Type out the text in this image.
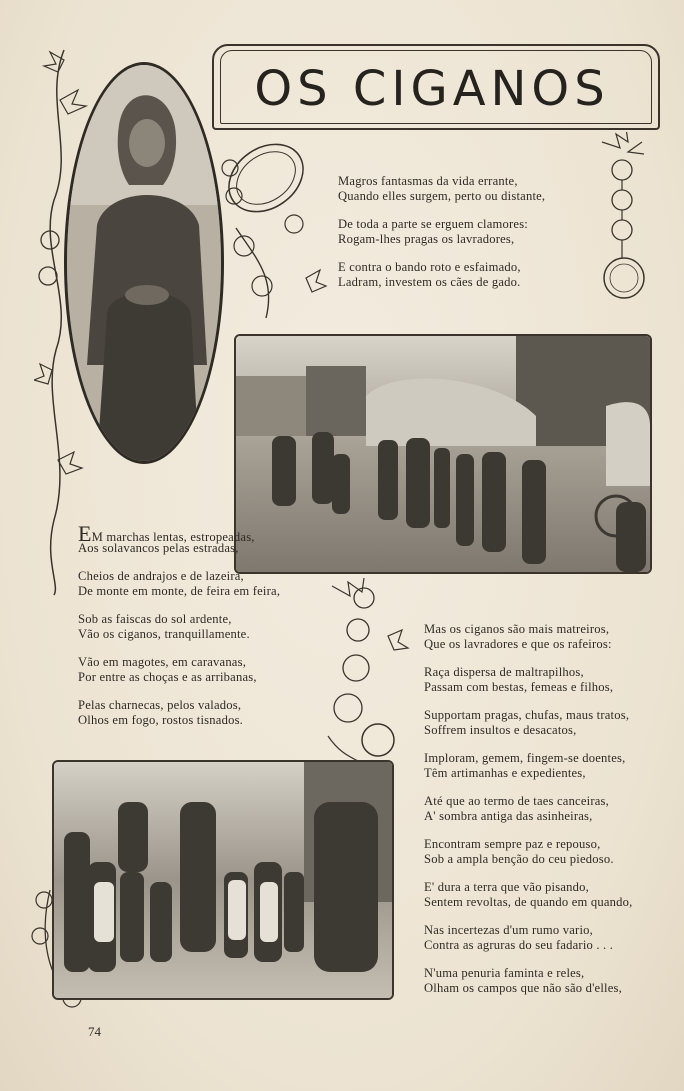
OS CIGANOS
Magros fantasmas da vida errante,
Quando elles surgem, perto ou distante,
De toda a parte se erguem clamores:
Rogam-lhes pragas os lavradores,
E contra o bando roto e esfaimado,
Ladram, investem os cães de gado.
EM marchas lentas, estropeadas,
Aos solavancos pelas estradas,
Cheios de andrajos e de lazeira,
De monte em monte, de feira em feira,
Sob as faiscas do sol ardente,
Vão os ciganos, tranquillamente.
Vão em magotes, em caravanas,
Por entre as choças e as arribanas,
Pelas charnecas, pelos valados,
Olhos em fogo, rostos tisnados.
Mas os ciganos são mais matreiros,
Que os lavradores e que os rafeiros:
Raça dispersa de maltrapilhos,
Passam com bestas, femeas e filhos,
Supportam pragas, chufas, maus tratos,
Soffrem insultos e desacatos,
Imploram, gemem, fingem-se doentes,
Têm artimanhas e expedientes,
Até que ao termo de taes canceiras,
A' sombra antiga das asinheiras,
Encontram sempre paz e repouso,
Sob a ampla benção do ceu piedoso.
E' dura a terra que vão pisando,
Sentem revoltas, de quando em quando,
Nas incertezas d'um rumo vario,
Contra as agruras do seu fadario . . .
N'uma penuria faminta e reles,
Olham os campos que não são d'elles,
74
